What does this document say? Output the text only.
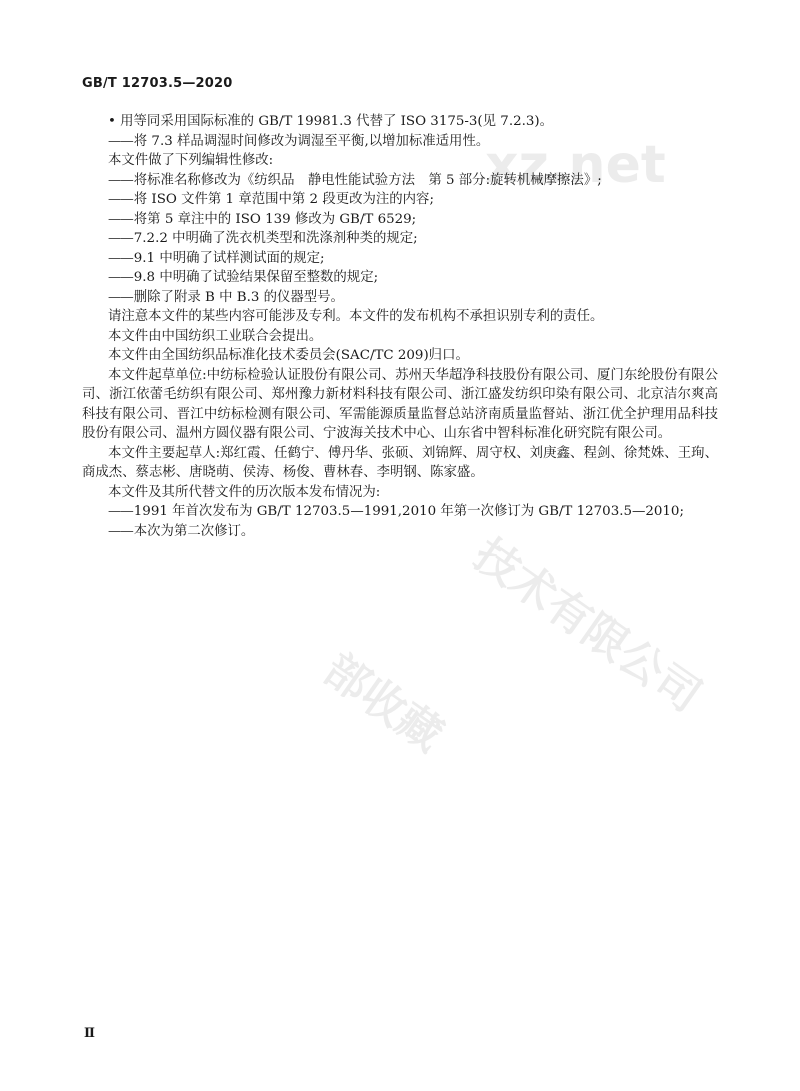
xz.net
部收藏 技术有限公司
GB/T 12703.5—2020

• 用等同采用国际标准的 GB/T 19981.3 代替了 ISO 3175-3(见 7.2.3)。

—— 将 7.3 样品调湿时间修改为调湿至平衡,以增加标准适用性。

本文件做了下列编辑性修改:

—— 将标准名称修改为《纺织品　静电性能试验方法　第 5 部分:旋转机械摩擦法》;

—— 将 ISO 文件第 1 章范围中第 2 段更改为注的内容;

—— 将第 5 章注中的 ISO 139 修改为 GB/T 6529;

—— 7.2.2 中明确了洗衣机类型和洗涤剂种类的规定;

—— 9.1 中明确了试样测试面的规定;

—— 9.8 中明确了试验结果保留至整数的规定;

—— 删除了附录 B 中 B.3 的仪器型号。

请注意本文件的某些内容可能涉及专利。本文件的发布机构不承担识别专利的责任。

本文件由中国纺织工业联合会提出。

本文件由全国纺织品标准化技术委员会(SAC/TC 209)归口。

本文件起草单位:中纺标检验认证股份有限公司、苏州天华超净科技股份有限公司、厦门东纶股份有限公司、浙江依蕾毛纺织有限公司、郑州豫力新材料科技有限公司、浙江盛发纺织印染有限公司、北京洁尔爽高科技有限公司、晋江中纺标检测有限公司、军需能源质量监督总站济南质量监督站、浙江优全护理用品科技股份有限公司、温州方圆仪器有限公司、宁波海关技术中心、山东省中智科标准化研究院有限公司。

本文件主要起草人:郑红霞、任鹤宁、傅丹华、张硕、刘锦辉、周守权、刘庚鑫、程剑、徐梵姝、王珣、商成杰、蔡志彬、唐晓萌、侯涛、杨俊、曹林春、李明钢、陈家盛。

本文件及其所代替文件的历次版本发布情况为:

—— 1991 年首次发布为 GB/T 12703.5—1991,2010 年第一次修订为 GB/T 12703.5—2010;

—— 本次为第二次修订。

Ⅱ
